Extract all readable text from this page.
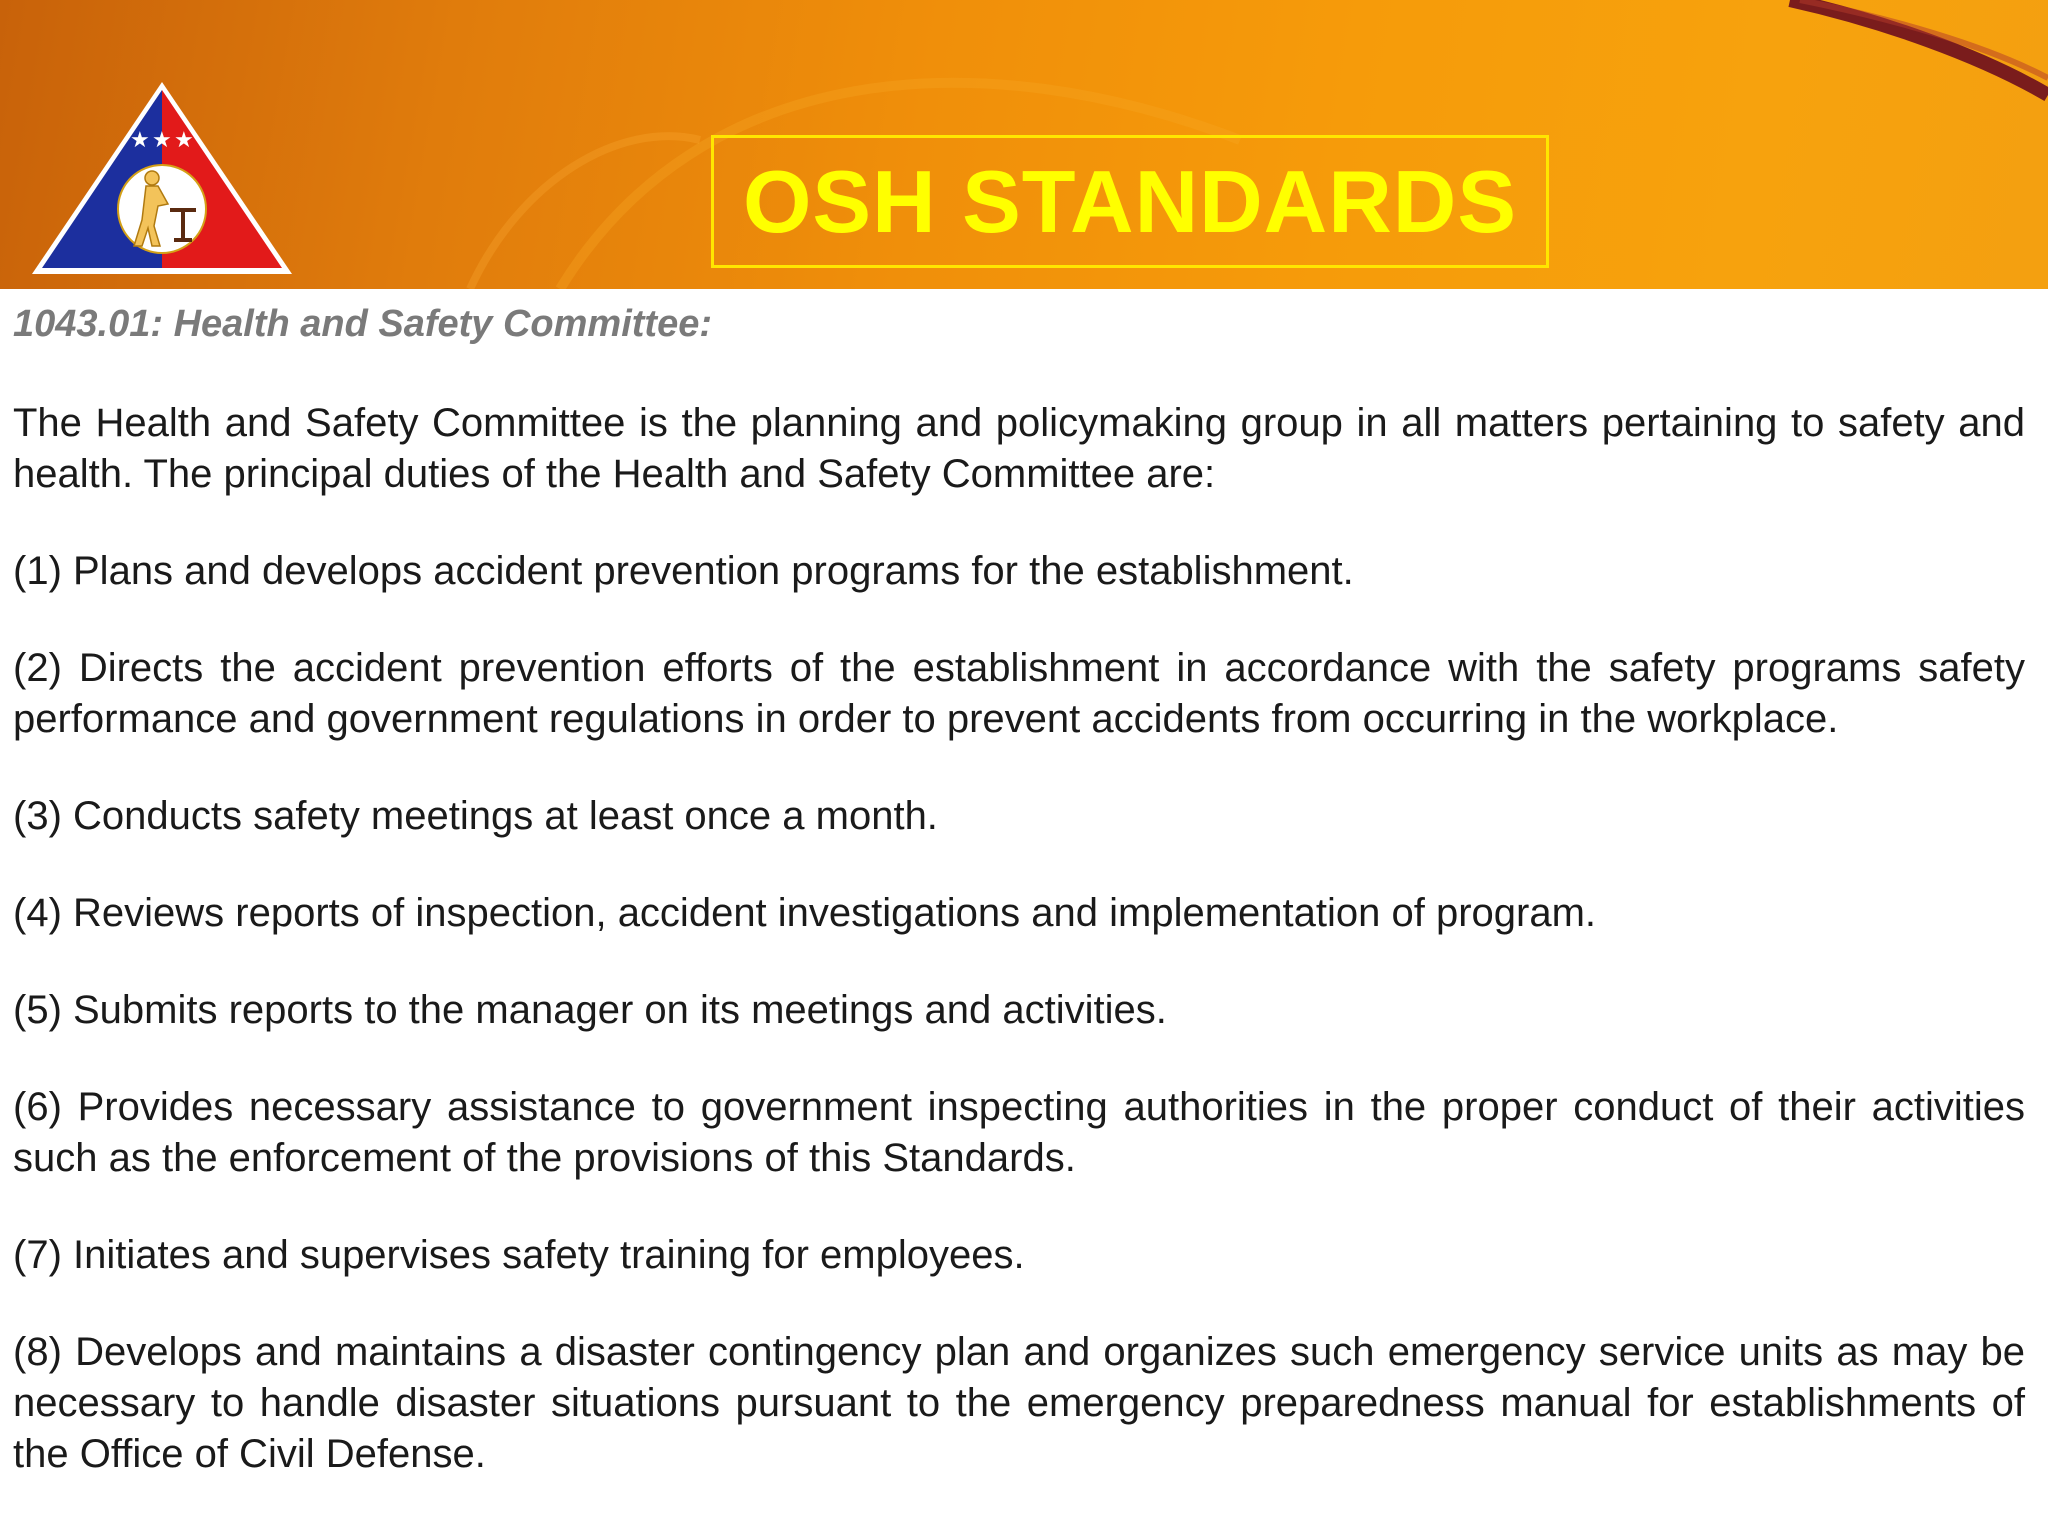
★ ★ ★
OSH STANDARDS

1043.01: Health and Safety Committee:

The Health and Safety Committee is the planning and policymaking group in all matters pertaining to safety and health. The principal duties of the Health and Safety Committee are:

(1) Plans and develops accident prevention programs for the establishment.

(2) Directs the accident prevention efforts of the establishment in accordance with the safety programs safety performance and government regulations in order to prevent accidents from occurring in the workplace.

(3) Conducts safety meetings at least once a month.

(4) Reviews reports of inspection, accident investigations and implementation of program.

(5) Submits reports to the manager on its meetings and activities.

(6) Provides necessary assistance to government inspecting authorities in the proper conduct of their activities such as the enforcement of the provisions of this Standards.

(7) Initiates and supervises safety training for employees.

(8) Develops and maintains a disaster contingency plan and organizes such emergency service units as may be necessary to handle disaster situations pursuant to the emergency preparedness manual for establishments of the Office of Civil Defense.
